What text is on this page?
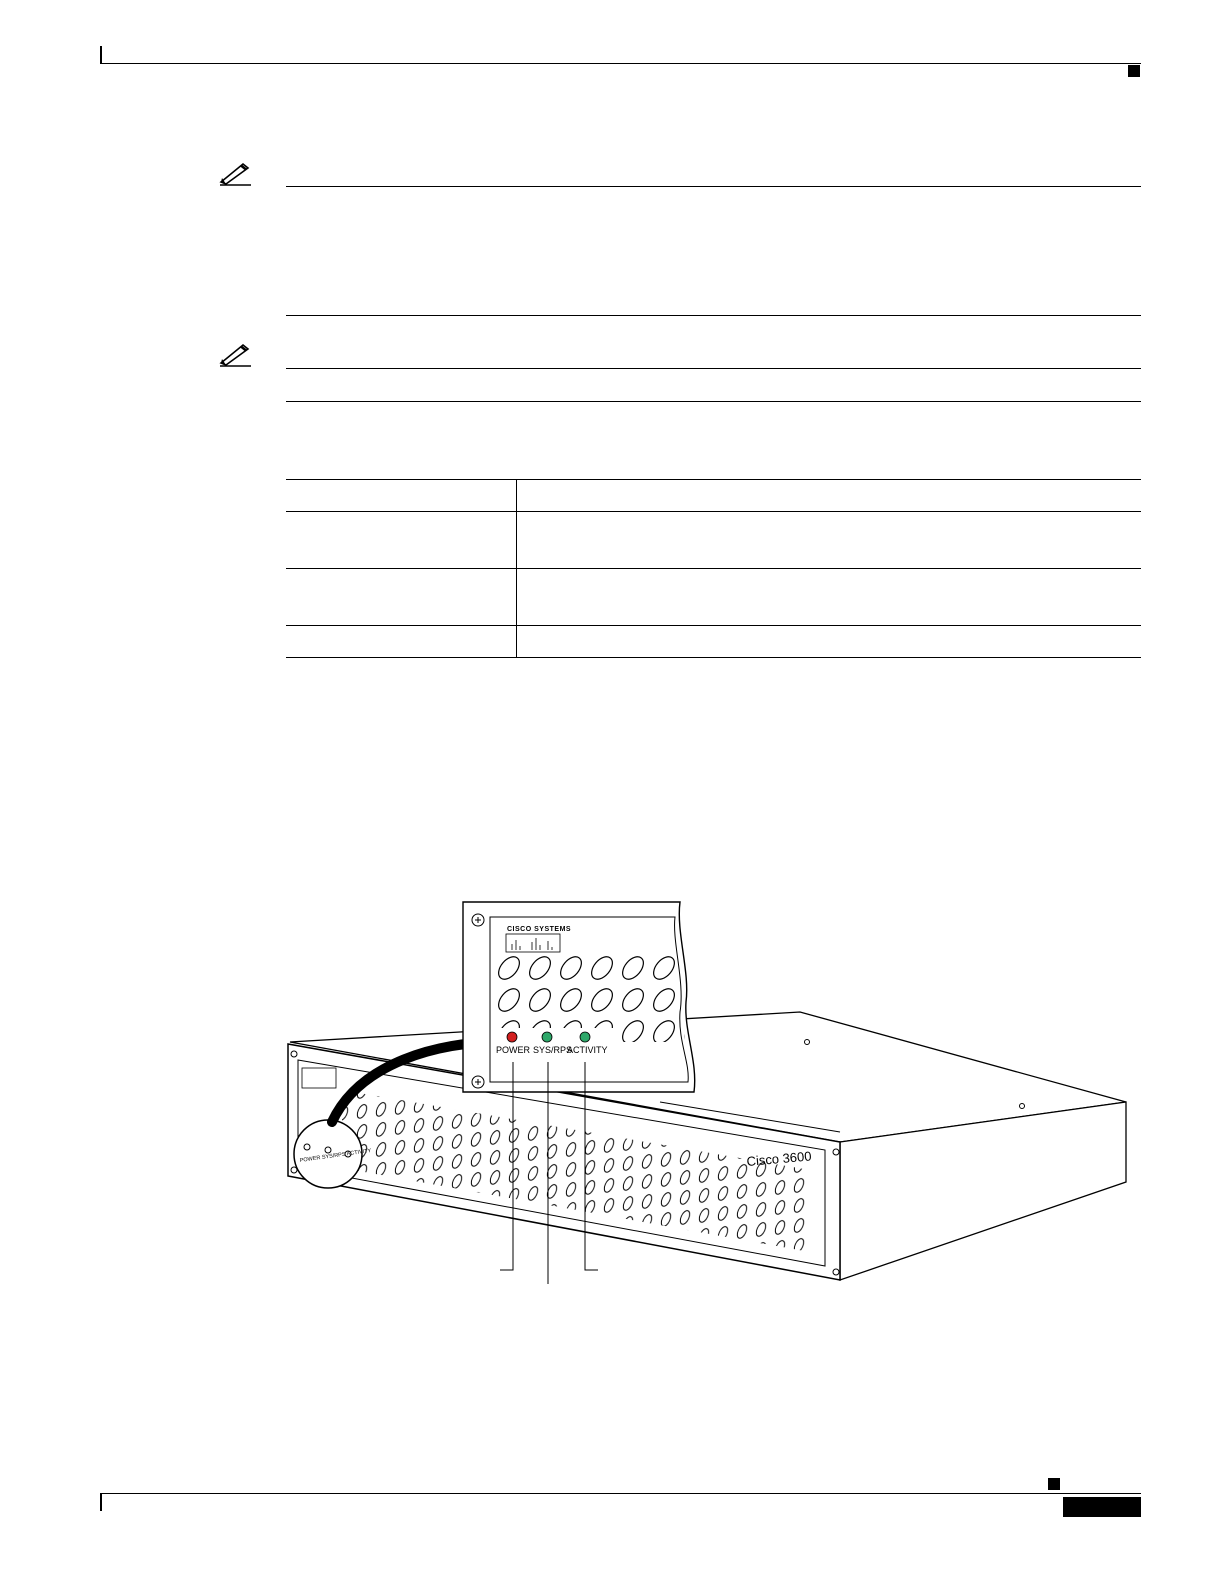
Cisco 3600
POWER SYS/RPS ACTIVITY
CISCO SYSTEMS
POWER SYS/RPS
ACTIVITY
